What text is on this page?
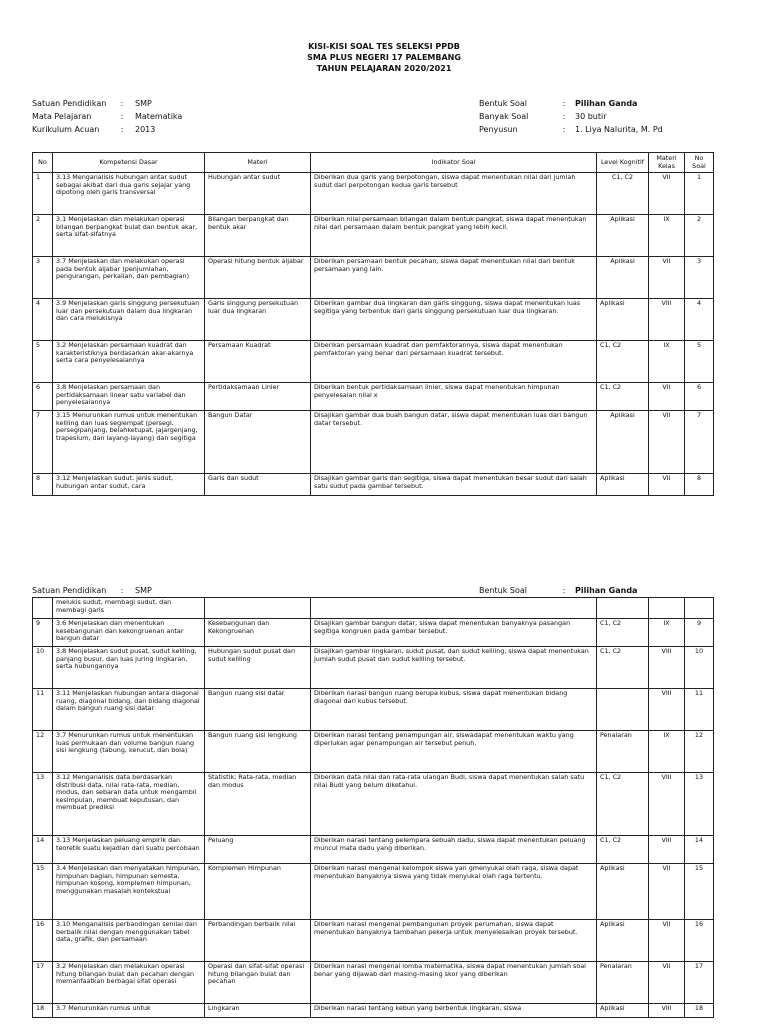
KISI-KISI SOAL TES SELEKSI PPDB
SMA PLUS NEGERI 17 PALEMBANG
TAHUN PELAJARAN 2020/2021
Satuan Pendidikan	:	SMP
Mata Pelajaran	:	Matematika
Kurikulum Acuan	:	2013
Bentuk Soal	:	Pilihan Ganda
Banyak Soal	:	30 butir
Penyusun	:	1. Liya Nalurita, M. Pd
No	Kompetensi Dasar	Materi	Indikator Soal	Level Kognitif	Materi Kelas	No Soal
1	3.13 Menganalisis hubungan antar sudut sebagai akibat dari dua garis sejajar yang dipotong oleh garis transversal	Hubungan antar sudut	Diberikan dua garis yang berpotongan, siswa dapat menentukan nilai dari jumlah sudut dari perpotongan kedua garis tersebut	C1, C2	VII	1
2	3.1 Menjelaskan dan melakukan operasi bilangan berpangkat bulat dan bentuk akar, serta sifat-sifatnya	Bilangan berpangkat dan bentuk akar	Diberikan nilai persamaan bilangan dalam bentuk pangkat, siswa dapat menentukan nilai dari persamaan dalam bentuk pangkat yang lebih kecil.	Aplikasi	IX	2
3	3.7 Menjelaskan dan melakukan operasi pada bentuk aljabar (penjumlahan, pengurangan, perkalian, dan pembagian)	Operasi hitung bentuk aljabar	Diberikan persamaan bentuk pecahan, siswa dapat menentukan nilai dari bentuk persamaan yang lain.	Aplikasi	VII	3
4	3.9 Menjelaskan garis singgung persekutuan luar dan persekutuan dalam dua lingkaran dan cara melukisnya	Garis singgung persekutuan luar dua lingkaran	Diberikan gambar dua lingkaran dan garis singgung, siswa dapat menentukan luas segitiga yang terbentuk dari garis singgung persekutuan luar dua lingkaran.	Aplikasi	VIII	4
5	3.2 Menjelaskan persamaan kuadrat dan karakteristiknya berdasarkan akar-akarnya serta cara penyelesaiannya	Persamaan Kuadrat	Diberikan persamaan kuadrat dan pemfaktorannya, siswa dapat menentukan pemfaktoran yang benar dari persamaan kuadrat tersebut.	C1, C2	IX	5
6	3.8 Menjelaskan persamaan dan pertidaksamaan linear satu variabel dan penyelesaiannya	Pertidaksamaan Linier	Diberikan bentuk pertidaksamaan linier, siswa dapat menentukan himpunan penyelesaian nilai x	C1, C2	VII	6
7	3.15 Menurunkan rumus untuk menentukan keliling dan luas segiempat (persegi, persegipanjang, belahketupat, jajargenjang, trapesium, dan layang-layang) dan segitiga	Bangun Datar	Disajikan gambar dua buah bangun datar, siswa dapat menentukan luas dari bangun datar tersebut.	Aplikasi	VII	7
8	3.12 Menjelaskan sudut, jenis sudut, hubungan antar sudut, cara	Garis dan sudut	Disajikan gambar garis dan segitiga, siswa dapat menentukan besar sudut dari salah satu sudut pada gambar tersebut.	Aplikasi	VII	8
Satuan Pendidikan	:	SMP	Bentuk Soal	:	Pilihan Ganda
	melukis sudut, membagi sudut, dan membagi garis					
9	3.6 Menjelaskan dan menentukan kesebangunan dan kekongruenan antar bangun datar	Kesebangunan dan Kekongruenan	Disajikan gambar bangun datar, siswa dapat menentukan banyaknya pasangan segitiga kongruen pada gambar tersebut.	C1, C2	IX	9
10	3.8 Menjelaskan sudut pusat, sudut keliling, panjang busur, dan luas juring lingkaran, serta hubungannya	Hubungan sudut pusat dan sudut keliling	Disajikan gambar lingkaran, sudut pusat, dan sudut keliling, siswa dapat menentukan jumlah sudut pusat dan sudut keliling tersebut.	C1, C2	VIII	10
11	3.11 Menjelaskan hubungan antara diagonal ruang, diagonal bidang, dan bidang diagonal dalam bangun ruang sisi datar	Bangun ruang sisi datar	Diberikan narasi bangun ruang berupa kubus, siswa dapat menentukan bidang diagonal dari kubus tersebut.		VIII	11
12	3.7 Menurunkan rumus untuk menentukan luas permukaan dan volume bangun ruang sisi lengkung (tabung, kerucut, dan bola)	Bangun ruang sisi lengkung	Diberikan narasi tentang penampungan air, siswadapat menentukan waktu yang diperlukan agar penampungan air tersebut penuh.	Penalaran	IX	12
13	3.12 Menganalisis data berdasarkan distribusi data, nilai rata-rata, median, modus, dan sebaran data untuk mengambil kesimpulan, membuat keputusan, dan membuat prediksi	Statistik; Rata-rata, median dan modus	Diberikan data nilai dan rata-rata ulangan Budi, siswa dapat menentukan salah satu nilai Budi yang belum diketahui.	C1, C2	VIII	13
14	3.13 Menjelaskan peluang empirik dan teoretik suatu kejadian dari suatu percobaan	Peluang	Diberikan narasi tentang pelempara sebuah dadu, siswa dapat menentukan peluang muncul mata dadu yang diberikan.	C1, C2	VIII	14
15	3.4 Menjelaskan dan menyatakan himpunan, himpunan bagian, himpunan semesta, himpunan kosong, komplemen himpunan, menggunakan masalah kontekstual	Komplemen Himpunan	Diberikan narasi mengenai kelompok siswa yan gmenyukai olah raga, siswa dapat menentukan banyaknya siswa yang tidak menyukai olah raga tertentu.	Aplikasi	VII	15
16	3.10 Menganalisis perbandingan senilai dan berbalik nilai dengan menggunakan tabel data, grafik, dan persamaan	Perbandingan berbalik nilai	Diberikan narasi mengenai pembangunan proyek perumahan, siswa dapat menentukan banyaknya tambahan pekerja untuk menyelesaikan proyek tersebut.	Aplikasi	VII	16
17	3.2 Menjelaskan dan melakukan operasi hitung bilangan bulat dan pecahan dengan memanfaatkan berbagai sifat operasi	Operasi dan sifat-sifat operasi hitung bilangan bulat dan pecahan	Diberikan narasi mengenai lomba matematika, siswa dapat menentukan jumlah soal benar yang dijawab dari masing-masing skor yang diberikan	Penalaran	VII	17
18	3.7 Menurunkan rumus untuk	Lingkaran	Diberikan narasi tentang kebun yang berbentuk lingkaran, siswa	Aplikasi	VIII	18
